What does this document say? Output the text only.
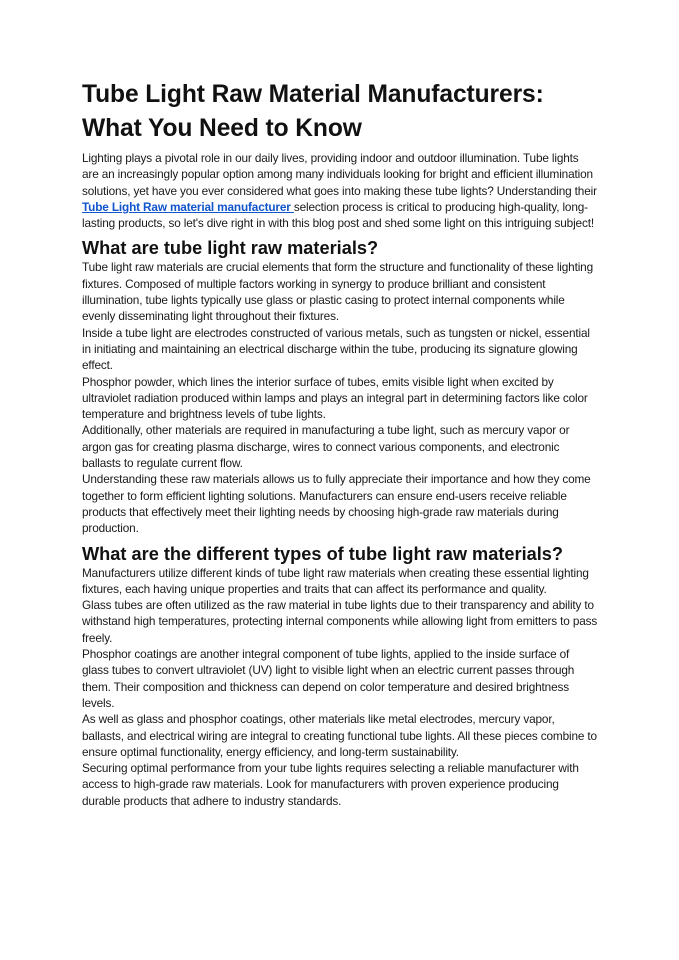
Tube Light Raw Material Manufacturers: What You Need to Know

Lighting plays a pivotal role in our daily lives, providing indoor and outdoor illumination. Tube lights are an increasingly popular option among many individuals looking for bright and efficient illumination solutions, yet have you ever considered what goes into making these tube lights? Understanding their Tube Light Raw material manufacturer selection process is critical to producing high-quality, long-lasting products, so let's dive right in with this blog post and shed some light on this intriguing subject!

What are tube light raw materials?

Tube light raw materials are crucial elements that form the structure and functionality of these lighting fixtures. Composed of multiple factors working in synergy to produce brilliant and consistent illumination, tube lights typically use glass or plastic casing to protect internal components while evenly disseminating light throughout their fixtures.

Inside a tube light are electrodes constructed of various metals, such as tungsten or nickel, essential in initiating and maintaining an electrical discharge within the tube, producing its signature glowing effect.

Phosphor powder, which lines the interior surface of tubes, emits visible light when excited by ultraviolet radiation produced within lamps and plays an integral part in determining factors like color temperature and brightness levels of tube lights.

Additionally, other materials are required in manufacturing a tube light, such as mercury vapor or argon gas for creating plasma discharge, wires to connect various components, and electronic ballasts to regulate current flow.

Understanding these raw materials allows us to fully appreciate their importance and how they come together to form efficient lighting solutions. Manufacturers can ensure end-users receive reliable products that effectively meet their lighting needs by choosing high-grade raw materials during production.

What are the different types of tube light raw materials?

Manufacturers utilize different kinds of tube light raw materials when creating these essential lighting fixtures, each having unique properties and traits that can affect its performance and quality.

Glass tubes are often utilized as the raw material in tube lights due to their transparency and ability to withstand high temperatures, protecting internal components while allowing light from emitters to pass freely.

Phosphor coatings are another integral component of tube lights, applied to the inside surface of glass tubes to convert ultraviolet (UV) light to visible light when an electric current passes through them. Their composition and thickness can depend on color temperature and desired brightness levels.

As well as glass and phosphor coatings, other materials like metal electrodes, mercury vapor, ballasts, and electrical wiring are integral to creating functional tube lights. All these pieces combine to ensure optimal functionality, energy efficiency, and long-term sustainability.

Securing optimal performance from your tube lights requires selecting a reliable manufacturer with access to high-grade raw materials. Look for manufacturers with proven experience producing durable products that adhere to industry standards.
